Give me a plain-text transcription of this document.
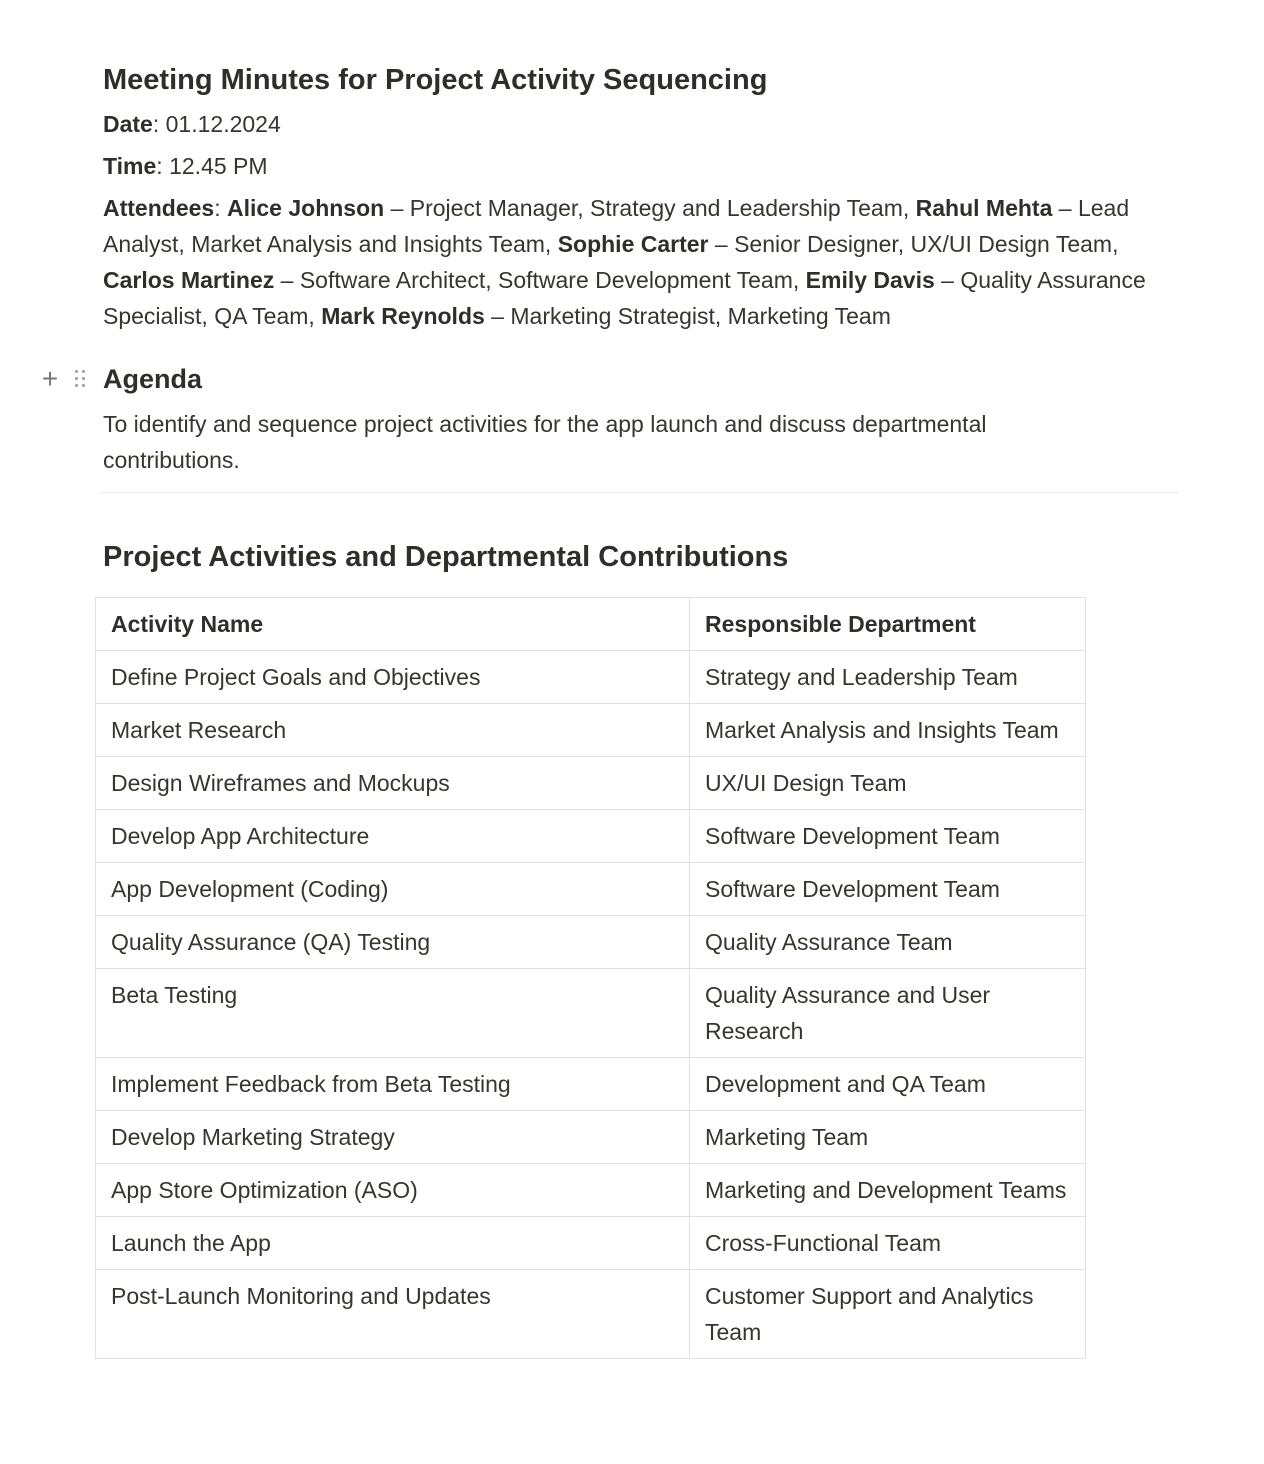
Meeting Minutes for Project Activity Sequencing

Date: 01.12.2024

Time: 12.45 PM

Attendees: Alice Johnson – Project Manager, Strategy and Leadership Team, Rahul Mehta – Lead Analyst, Market Analysis and Insights Team, Sophie Carter – Senior Designer, UX/UI Design Team, Carlos Martinez – Software Architect, Software Development Team, Emily Davis – Quality Assurance Specialist, QA Team, Mark Reynolds – Marketing Strategist, Marketing Team

+ Agenda

To identify and sequence project activities for the app launch and discuss departmental contributions.

Project Activities and Departmental Contributions
Activity Name	Responsible Department
Define Project Goals and Objectives	Strategy and Leadership Team
Market Research	Market Analysis and Insights Team
Design Wireframes and Mockups	UX/UI Design Team
Develop App Architecture	Software Development Team
App Development (Coding)	Software Development Team
Quality Assurance (QA) Testing	Quality Assurance Team
Beta Testing	Quality Assurance and User Research
Implement Feedback from Beta Testing	Development and QA Team
Develop Marketing Strategy	Marketing Team
App Store Optimization (ASO)	Marketing and Development Teams
Launch the App	Cross-Functional Team
Post-Launch Monitoring and Updates	Customer Support and Analytics Team
